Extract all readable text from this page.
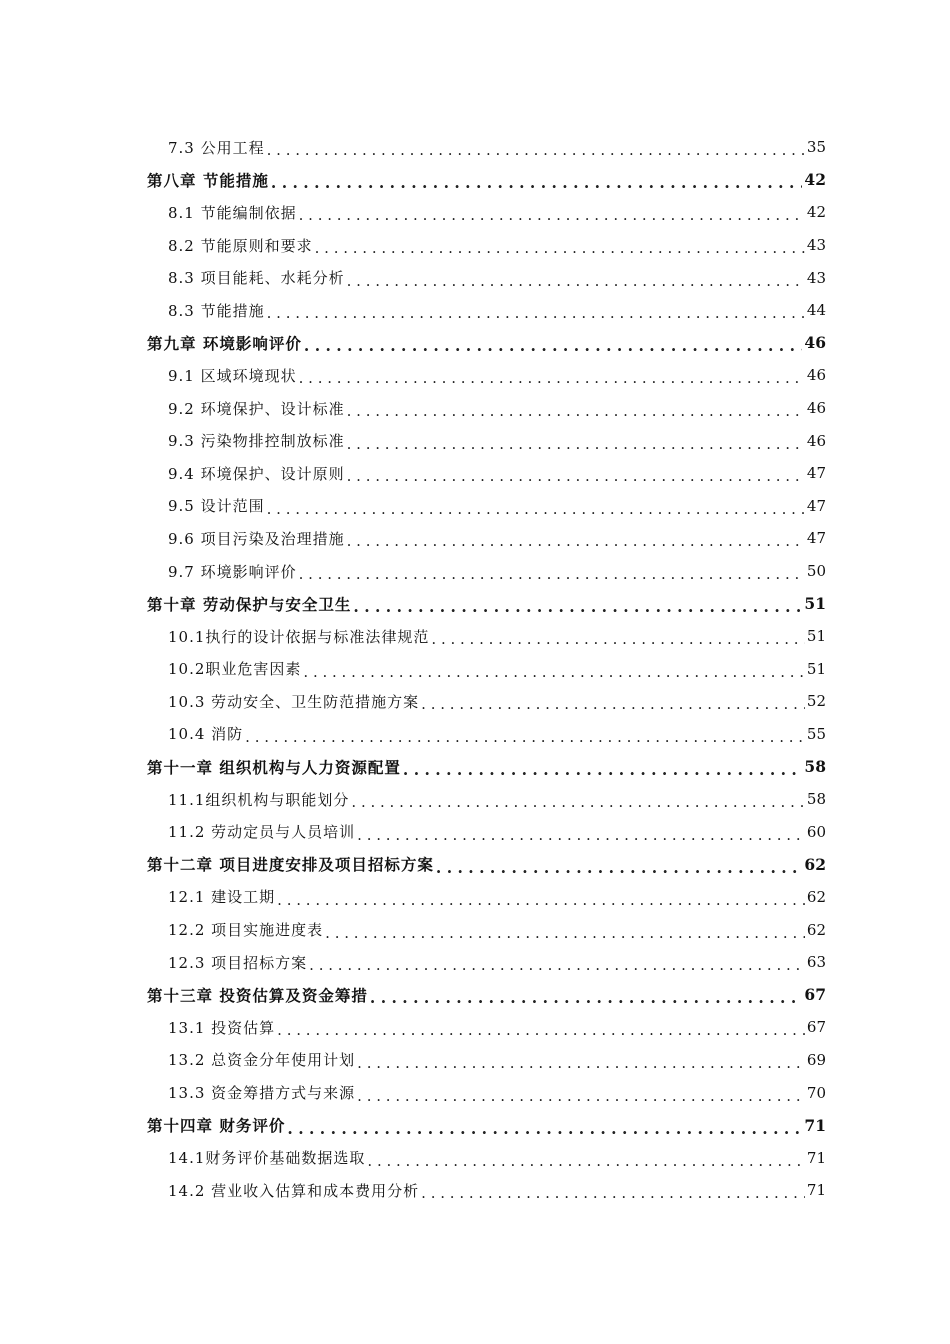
7.3 公用工程 . . .	35
第八章 节能措施 . . .	42
8.1 节能编制依据 . . .	42
8.2 节能原则和要求 . . .	43
8.3 项目能耗、水耗分析 . . .	43
8.3 节能措施 . . .	44
第九章 环境影响评价 . . .	46
9.1 区域环境现状 . . .	46
9.2 环境保护、设计标准 . . .	46
9.3 污染物排控制放标准 . . .	46
9.4 环境保护、设计原则 . . .	47
9.5 设计范围 . . .	47
9.6 项目污染及治理措施 . . .	47
9.7 环境影响评价 . . .	50
第十章 劳动保护与安全卫生 . . .	51
10.1执行的设计依据与标准法律规范 . . .	51
10.2职业危害因素 . . .	51
10.3 劳动安全、卫生防范措施方案 . . .	52
10.4 消防 . . .	55
第十一章 组织机构与人力资源配置 . . .	58
11.1组织机构与职能划分 . . .	58
11.2 劳动定员与人员培训 . . .	60
第十二章 项目进度安排及项目招标方案 . . .	62
12.1 建设工期 . . .	62
12.2 项目实施进度表 . . .	62
12.3 项目招标方案 . . .	63
第十三章 投资估算及资金筹措 . . .	67
13.1 投资估算 . . .	67
13.2 总资金分年使用计划 . . .	69
13.3 资金筹措方式与来源 . . .	70
第十四章 财务评价 . . .	71
14.1财务评价基础数据选取 . . .	71
14.2 营业收入估算和成本费用分析 . . .	71
